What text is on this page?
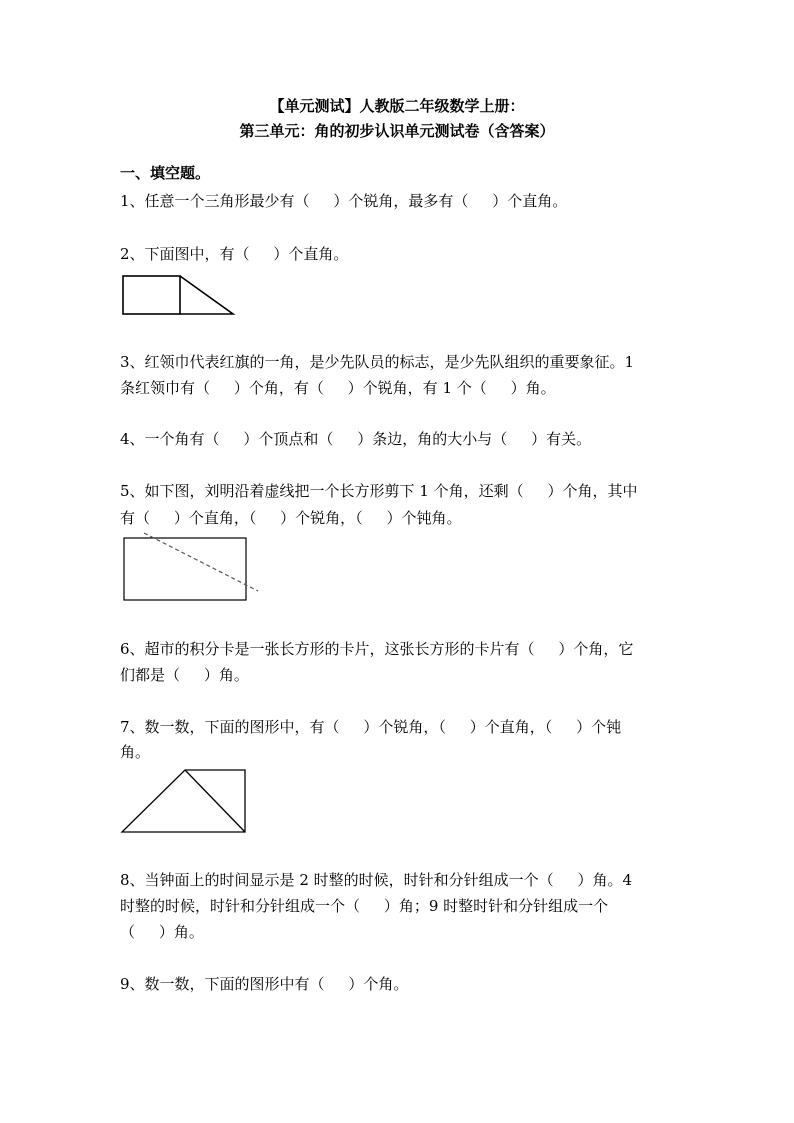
【单元测试】人教版二年级数学上册：
第三单元：角的初步认识单元测试卷（含答案）
一、填空题。
1、任意一个三角形最少有（     ）个锐角，最多有（     ）个直角。
2、下面图中，有（     ）个直角。
3、红领巾代表红旗的一角，是少先队员的标志，是少先队组织的重要象征。1
条红领巾有（     ）个角，有（     ）个锐角，有 1 个（     ）角。
4、一个角有（     ）个顶点和（     ）条边，角的大小与（     ）有关。
5、如下图，刘明沿着虚线把一个长方形剪下 1 个角，还剩（     ）个角，其中
有（     ）个直角，（     ）个锐角，（     ）个钝角。
6、超市的积分卡是一张长方形的卡片，这张长方形的卡片有（     ）个角，它
们都是（     ）角。
7、数一数，下面的图形中，有（     ）个锐角，（     ）个直角，（     ）个钝
角。
8、当钟面上的时间显示是 2 时整的时候，时针和分针组成一个（     ）角。4
时整的时候，时针和分针组成一个（     ）角；9 时整时针和分针组成一个
（     ）角。
9、数一数，下面的图形中有（     ）个角。
